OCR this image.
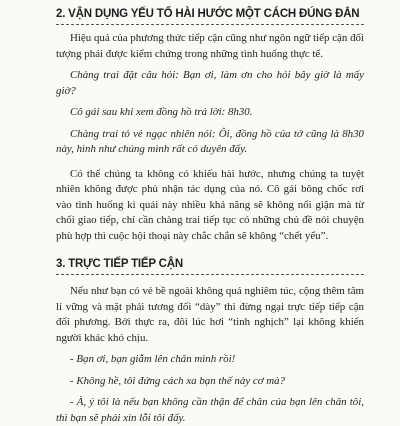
2. VẬN DỤNG YẾU TỐ HÀI HƯỚC MỘT CÁCH ĐÚNG ĐẮN

Hiệu quả của phương thức tiếp cận cũng như ngôn ngữ tiếp cận đối tượng phải được kiểm chứng trong những tình huống thực tế.

Chàng trai đặt câu hỏi: Bạn ơi, làm ơn cho hỏi bây giờ là mấy giờ?

Cô gái sau khi xem đồng hồ trả lời: 8h30.

Chàng trai tỏ vẻ ngạc nhiên nói: Ôi, đồng hồ của tớ cũng là 8h30 này, hình như chúng mình rất có duyên đấy.

Có thể chúng ta không có khiếu hài hước, nhưng chúng ta tuyệt nhiên không được phủ nhận tác dụng của nó. Cô gái bông chốc rơi vào tình huống kì quái này nhiều khả năng sẽ không nổi giận mà từ chối giao tiếp, chỉ cần chàng trai tiếp tục có những chủ đề nói chuyện phù hợp thì cuộc hội thoại này chắc chắn sẽ không “chết yểu”.

3. TRỰC TIẾP TIẾP CẬN

Nếu như bạn có vẻ bề ngoài không quá nghiêm túc, cộng thêm tâm lí vững và mặt phải tương đối “dày” thì đừng ngại trực tiếp tiếp cận đối phương. Bởi thực ra, đôi lúc hơi “tinh nghịch” lại không khiến người khác khó chịu.

- Bạn ơi, bạn giẫm lên chân mình rồi!

- Không hề, tôi đứng cách xa bạn thế này cơ mà?

- À, ý tôi là nếu bạn không cần thận để chân của bạn lên chân tôi, thì bạn sẽ phải xin lỗi tôi đấy.
